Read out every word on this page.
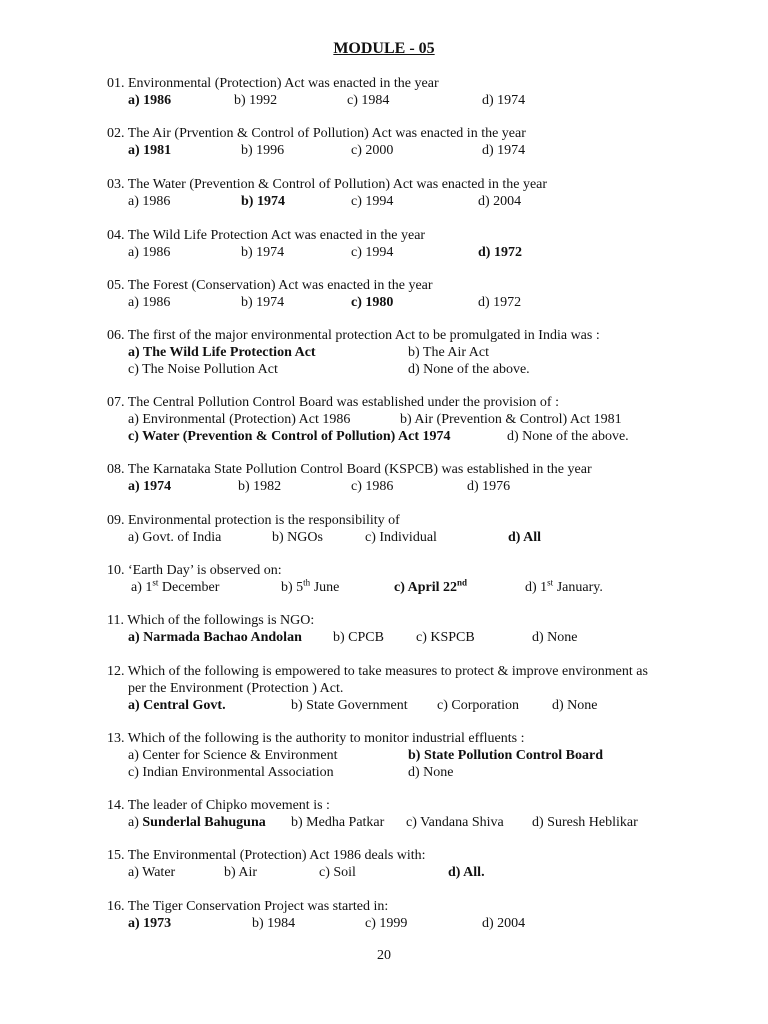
MODULE - 05
01. Environmental (Protection) Act was enacted in the year
a) 1986	b) 1992	c) 1984	d) 1974
02. The Air (Prvention & Control of Pollution) Act was enacted in the year
a) 1981	b) 1996	c) 2000	d) 1974
03. The Water (Prevention & Control of Pollution) Act was enacted in the year
a) 1986	b) 1974	c) 1994	d) 2004
04. The Wild Life Protection Act was enacted in the year
a) 1986	b) 1974	c) 1994	d) 1972
05. The Forest (Conservation) Act was enacted in the year
a) 1986	b) 1974	c) 1980	d) 1972
06. The first of the major environmental protection Act to be promulgated in India was :
a) The Wild Life Protection Act	b) The Air Act
c) The Noise Pollution Act	d) None of the above.
07. The Central Pollution Control Board was established under the provision of :
a) Environmental (Protection) Act 1986	b) Air (Prevention & Control) Act 1981
c) Water (Prevention & Control of Pollution) Act 1974	d) None of the above.
08. The Karnataka State Pollution Control Board (KSPCB) was established in the year
a) 1974	b) 1982	c) 1986	d) 1976
09. Environmental protection is the responsibility of
a) Govt. of India	b) NGOs	c) Individual	d) All
10. ‘Earth Day’ is observed on:
a) 1st December	b) 5th June	c) April 22nd	d) 1st January.
11. Which of the followings is NGO:
a) Narmada Bachao Andolan b) CPCB c) KSPCB	d) None
12. Which of the following is empowered to take measures to protect & improve environment as
per the Environment (Protection ) Act.
a) Central Govt.	b) State Government c) Corporation d) None
13. Which of the following is the authority to monitor industrial effluents :
a) Center for Science & Environment	b) State Pollution Control Board
c) Indian Environmental Association	d) None
14. The leader of Chipko movement is :
a) Sunderlal Bahuguna b) Medha Patkar c) Vandana Shiva d) Suresh Heblikar
15. The Environmental (Protection) Act 1986 deals with:
a) Water	b) Air	c) Soil	d) All.
16. The Tiger Conservation Project was started in:
a) 1973	b) 1984	c) 1999	d) 2004
20
